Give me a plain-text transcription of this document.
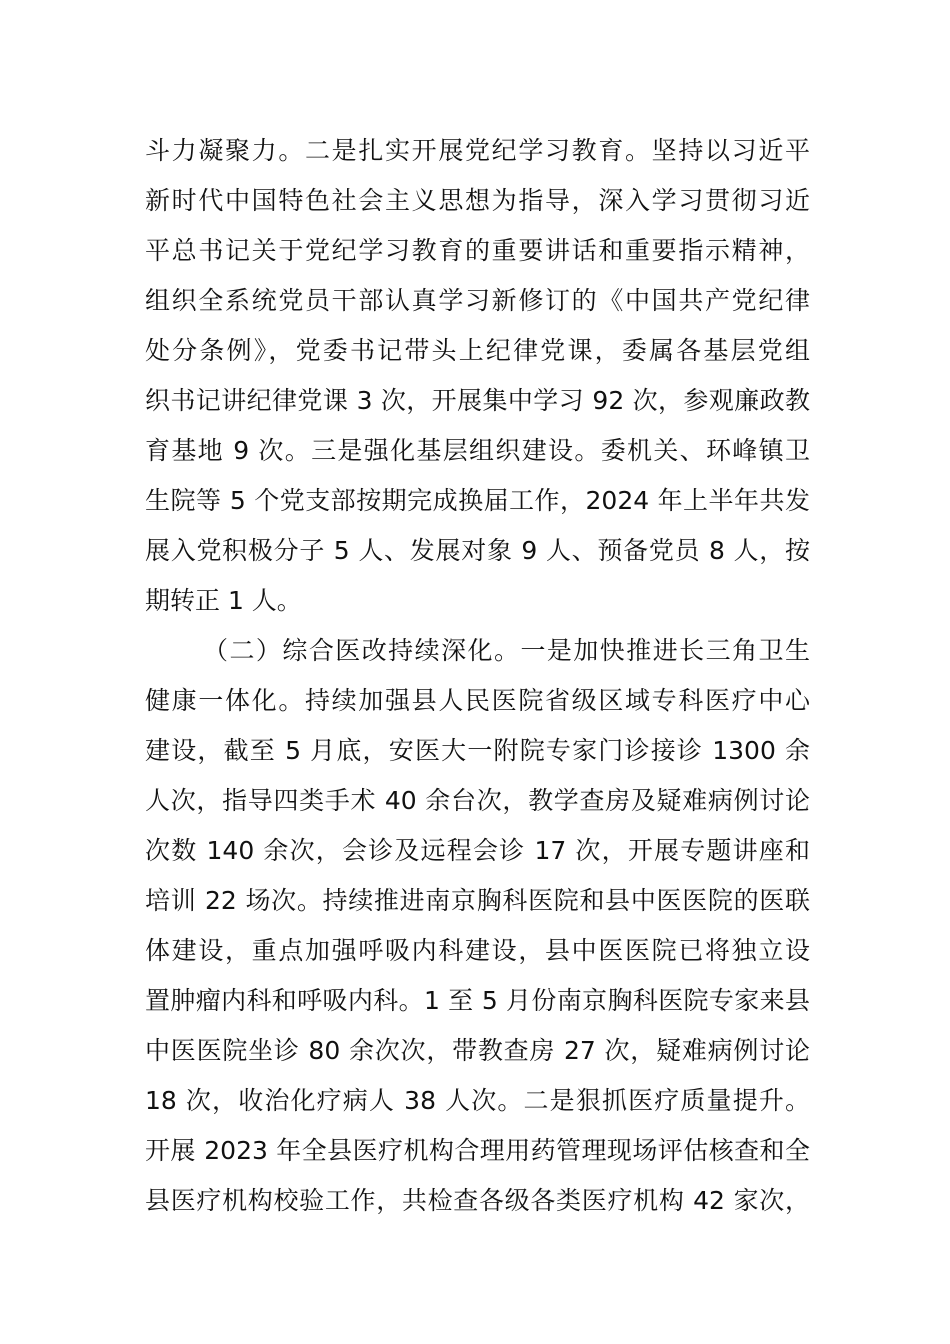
斗力凝聚力。二是扎实开展党纪学习教育。坚持以习近平
新时代中国特色社会主义思想为指导，深入学习贯彻习近
平总书记关于党纪学习教育的重要讲话和重要指示精神，
组织全系统党员干部认真学习新修订的《中国共产党纪律
处分条例》，党委书记带头上纪律党课，委属各基层党组
织书记讲纪律党课 3 次，开展集中学习 92 次，参观廉政教
育基地 9 次。三是强化基层组织建设。委机关、环峰镇卫
生院等 5 个党支部按期完成换届工作，2024 年上半年共发
展入党积极分子 5 人、发展对象 9 人、预备党员 8 人，按
期转正 1 人。
（二）综合医改持续深化。一是加快推进长三角卫生
健康一体化。持续加强县人民医院省级区域专科医疗中心
建设，截至 5 月底，安医大一附院专家门诊接诊 1300 余
人次，指导四类手术 40 余台次，教学查房及疑难病例讨论
次数 140 余次，会诊及远程会诊 17 次，开展专题讲座和
培训 22 场次。持续推进南京胸科医院和县中医医院的医联
体建设，重点加强呼吸内科建设，县中医医院已将独立设
置肿瘤内科和呼吸内科。1 至 5 月份南京胸科医院专家来县
中医医院坐诊 80 余次次，带教查房 27 次，疑难病例讨论
18 次，收治化疗病人 38 人次。二是狠抓医疗质量提升。
开展 2023 年全县医疗机构合理用药管理现场评估核查和全
县医疗机构校验工作，共检查各级各类医疗机构 42 家次，
